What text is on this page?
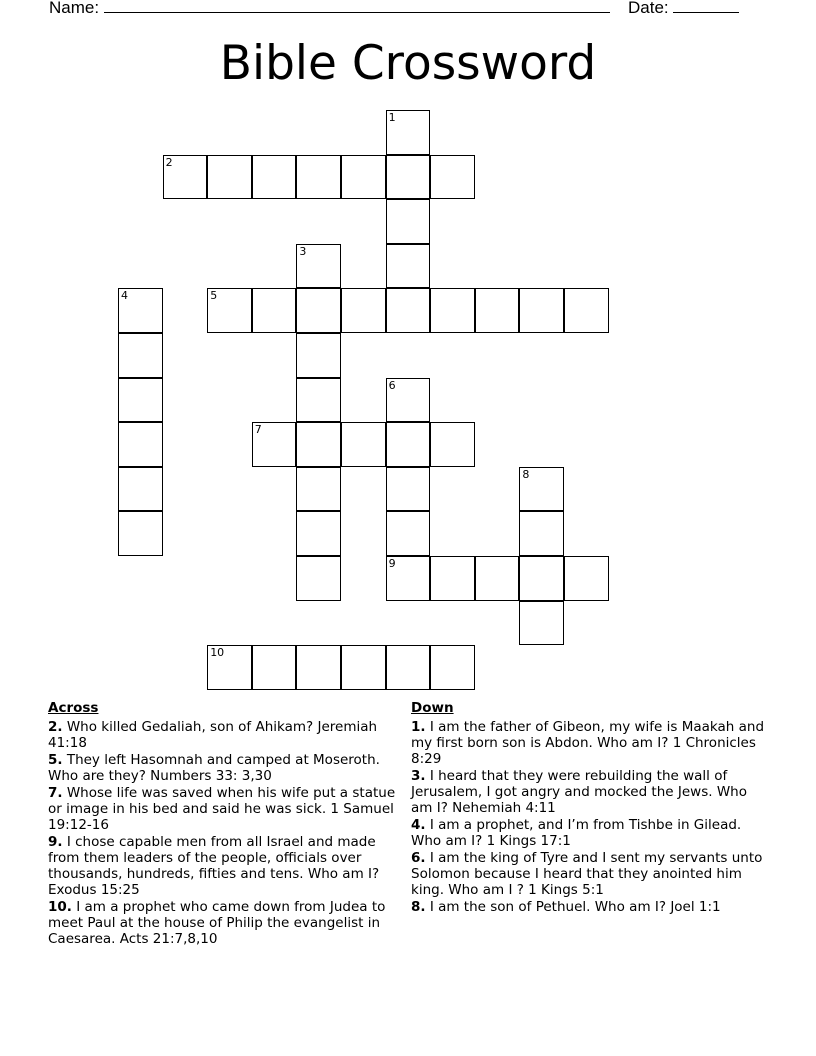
Name:	Date:
Bible Crossword
1
2
3
4	5
6
9
7
8
10
Across
2. Who killed Gedaliah, son of Ahikam? Jeremiah 41:18
5. They left Hasomnah and camped at Moseroth. Who are they? Numbers 33: 3,30
7. Whose life was saved when his wife put a statue or image in his bed and said he was sick. 1 Samuel 19:12-16
9. I chose capable men from all Israel and made from them leaders of the people, officials over thousands, hundreds, fifties and tens. Who am I? Exodus 15:25
10. I am a prophet who came down from Judea to meet Paul at the house of Philip the evangelist in Caesarea. Acts 21:7,8,10
Down
1. I am the father of Gibeon, my wife is Maakah and my first born son is Abdon. Who am I? 1 Chronicles 8:29
3. I heard that they were rebuilding the wall of Jerusalem, I got angry and mocked the Jews. Who am I? Nehemiah 4:11
4. I am a prophet, and I’m from Tishbe in Gilead. Who am I? 1 Kings 17:1
6. I am the king of Tyre and I sent my servants unto Solomon because I heard that they anointed him king. Who am I ? 1 Kings 5:1
8. I am the son of Pethuel. Who am I? Joel 1:1
